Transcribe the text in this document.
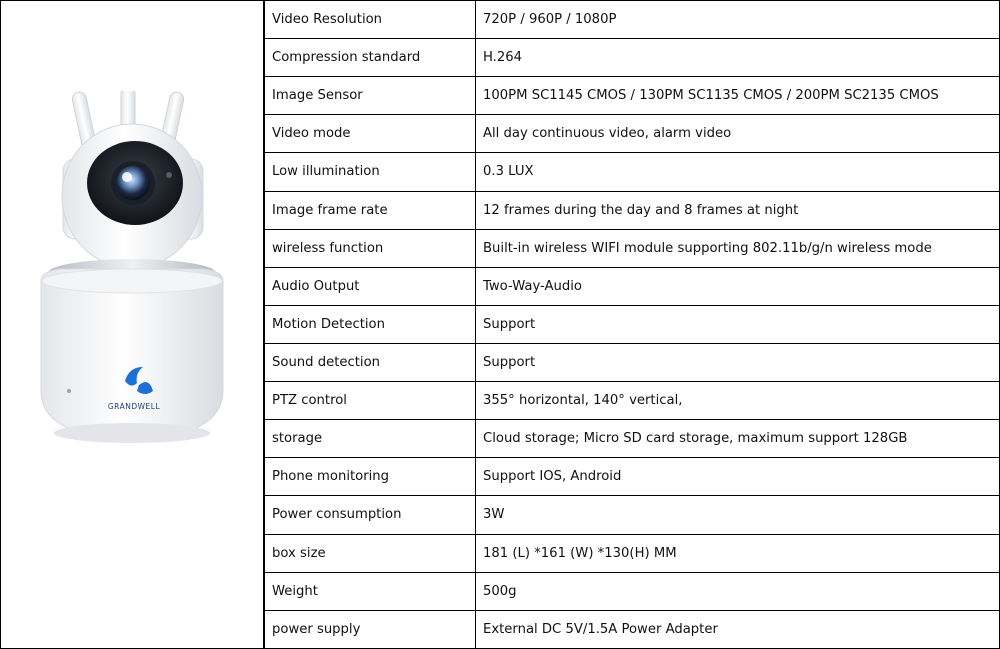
GRANDWELL
Video Resolution	720P / 960P / 1080P
Compression standard	H.264
Image Sensor	100PM SC1145 CMOS / 130PM SC1135 CMOS / 200PM SC2135 CMOS
Video mode	All day continuous video, alarm video
Low illumination	0.3 LUX
Image frame rate	12 frames during the day and 8 frames at night
wireless function	Built-in wireless WIFI module supporting 802.11b/g/n wireless mode
Audio Output	Two-Way-Audio
Motion Detection	Support
Sound detection	Support
PTZ control	355° horizontal, 140° vertical,
storage	Cloud storage; Micro SD card storage, maximum support 128GB
Phone monitoring	Support IOS, Android
Power consumption	3W
box size	181 (L) *161 (W) *130(H) MM
Weight	500g
power supply	External DC 5V/1.5A Power Adapter
